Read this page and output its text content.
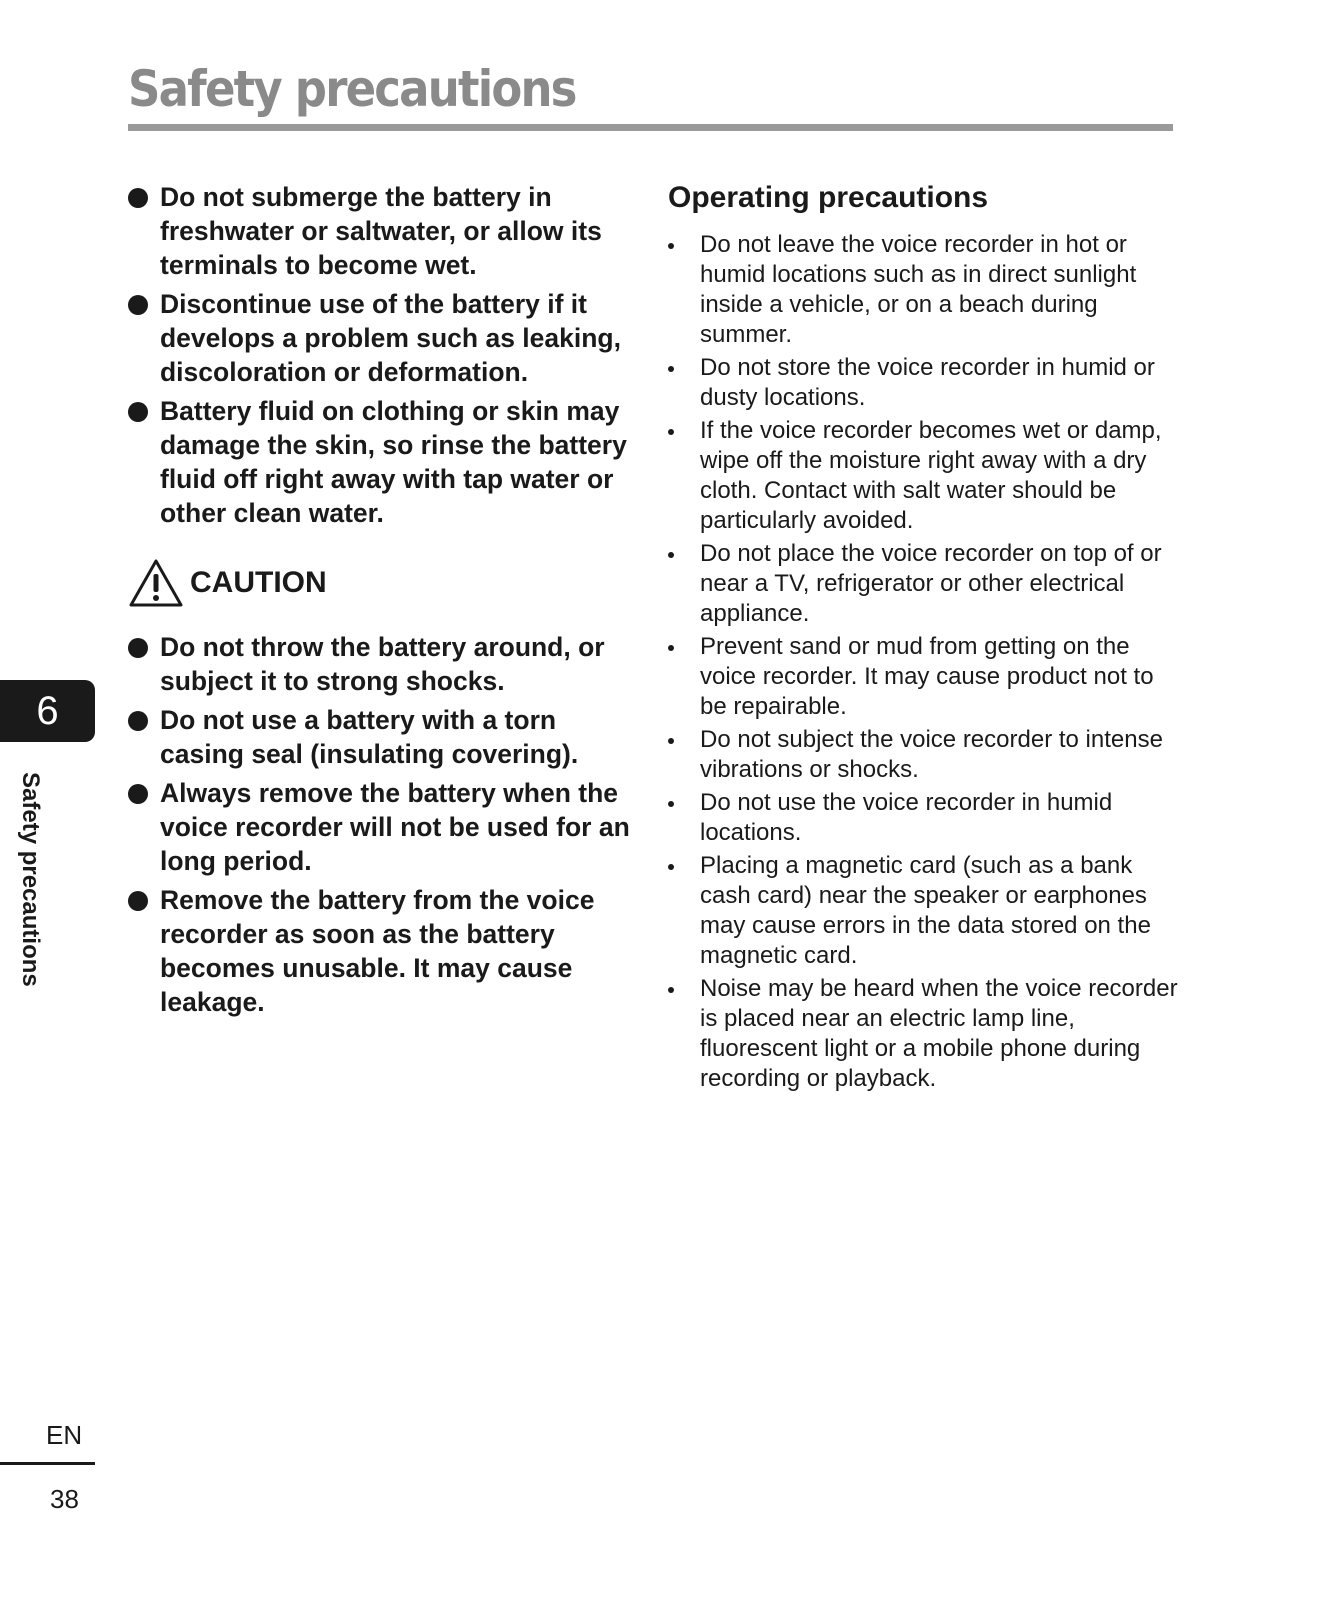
Safety precautions
Do not submerge the battery in freshwater or saltwater, or allow its terminals to become wet.
Discontinue use of the battery if it develops a problem such as leaking, discoloration or deformation.
Battery fluid on clothing or skin may damage the skin, so rinse the battery fluid off right away with tap water or other clean water.
CAUTION
Do not throw the battery around, or subject it to strong shocks.
Do not use a battery with a torn casing seal (insulating covering).
Always remove the battery when the voice recorder will not be used for an long period.
Remove the battery from the voice recorder as soon as the battery becomes unusable. It may cause leakage.
Operating precautions
Do not leave the voice recorder in hot or humid locations such as in direct sunlight inside a vehicle, or on a beach during summer.
Do not store the voice recorder in humid or dusty locations.
If the voice recorder becomes wet or damp, wipe off the moisture right away with a dry cloth. Contact with salt water should be particularly avoided.
Do not place the voice recorder on top of or near a TV, refrigerator or other electrical appliance.
Prevent sand or mud from getting on the voice recorder. It may cause product not to be repairable.
Do not subject the voice recorder to intense vibrations or shocks.
Do not use the voice recorder in humid locations.
Placing a magnetic card (such as a bank cash card) near the speaker or earphones may cause errors in the data stored on the magnetic card.
Noise may be heard when the voice recorder is placed near an electric lamp line, fluorescent light or a mobile phone during recording or playback.
6
Safety precautions
EN
38
